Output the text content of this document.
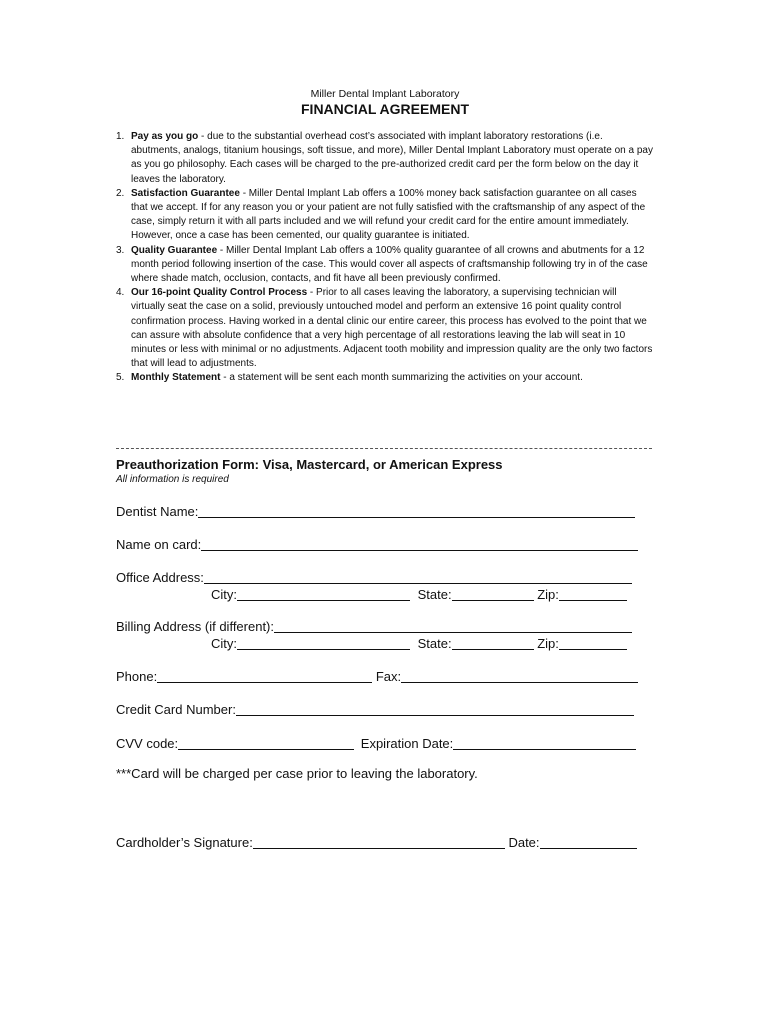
Miller Dental Implant Laboratory
FINANCIAL AGREEMENT
1. Pay as you go - due to the substantial overhead cost’s associated with implant laboratory restorations (i.e. abutments, analogs, titanium housings, soft tissue, and more), Miller Dental Implant Laboratory must operate on a pay as you go philosophy. Each cases will be charged to the pre-authorized credit card per the form below on the day it leaves the laboratory.
2. Satisfaction Guarantee - Miller Dental Implant Lab offers a 100% money back satisfaction guarantee on all cases that we accept. If for any reason you or your patient are not fully satisfied with the craftsmanship of any aspect of the case, simply return it with all parts included and we will refund your credit card for the entire amount immediately. However, once a case has been cemented, our quality guarantee is initiated.
3. Quality Guarantee - Miller Dental Implant Lab offers a 100% quality guarantee of all crowns and abutments for a 12 month period following insertion of the case. This would cover all aspects of craftsmanship following try in of the case where shade match, occlusion, contacts, and fit have all been previously confirmed.
4. Our 16-point Quality Control Process - Prior to all cases leaving the laboratory, a supervising technician will virtually seat the case on a solid, previously untouched model and perform an extensive 16 point quality control confirmation process. Having worked in a dental clinic our entire career, this process has evolved to the point that we can assure with absolute confidence that a very high percentage of all restorations leaving the lab will seat in 10 minutes or less with minimal or no adjustments. Adjacent tooth mobility and impression quality are the only two factors that will lead to adjustments.
5. Monthly Statement - a statement will be sent each month summarizing the activities on your account.
Preauthorization Form: Visa, Mastercard, or American Express
All information is required
Dentist Name:
Name on card:
Office Address:
City:	State:	Zip:
Billing Address (if different):
City:	State:	Zip:
Phone:	Fax:
Credit Card Number:
CVV code:	Expiration Date:
***Card will be charged per case prior to leaving the laboratory.
Cardholder’s Signature:	Date:
